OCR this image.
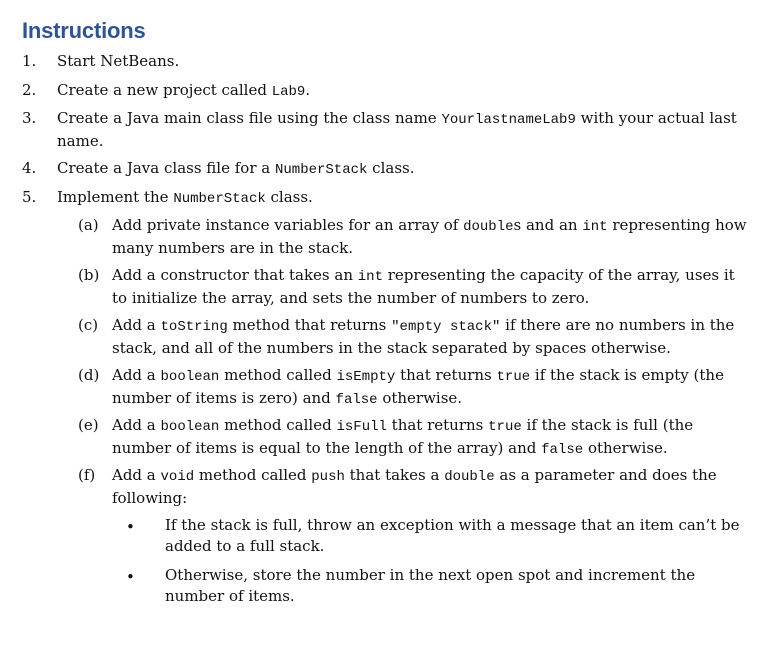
Instructions
1. Start NetBeans.
2. Create a new project called Lab9.
3. Create a Java main class file using the class name YourlastnameLab9 with your actual last name.
4. Create a Java class file for a NumberStack class.
5. Implement the NumberStack class.
(a) Add private instance variables for an array of doubles and an int representing how many numbers are in the stack.
(b) Add a constructor that takes an int representing the capacity of the array, uses it to initialize the array, and sets the number of numbers to zero.
(c) Add a toString method that returns "empty stack" if there are no numbers in the stack, and all of the numbers in the stack separated by spaces otherwise.
(d) Add a boolean method called isEmpty that returns true if the stack is empty (the number of items is zero) and false otherwise.
(e) Add a boolean method called isFull that returns true if the stack is full (the number of items is equal to the length of the array) and false otherwise.
(f) Add a void method called push that takes a double as a parameter and does the following:
• If the stack is full, throw an exception with a message that an item can’t be added to a full stack.
• Otherwise, store the number in the next open spot and increment the number of items.
